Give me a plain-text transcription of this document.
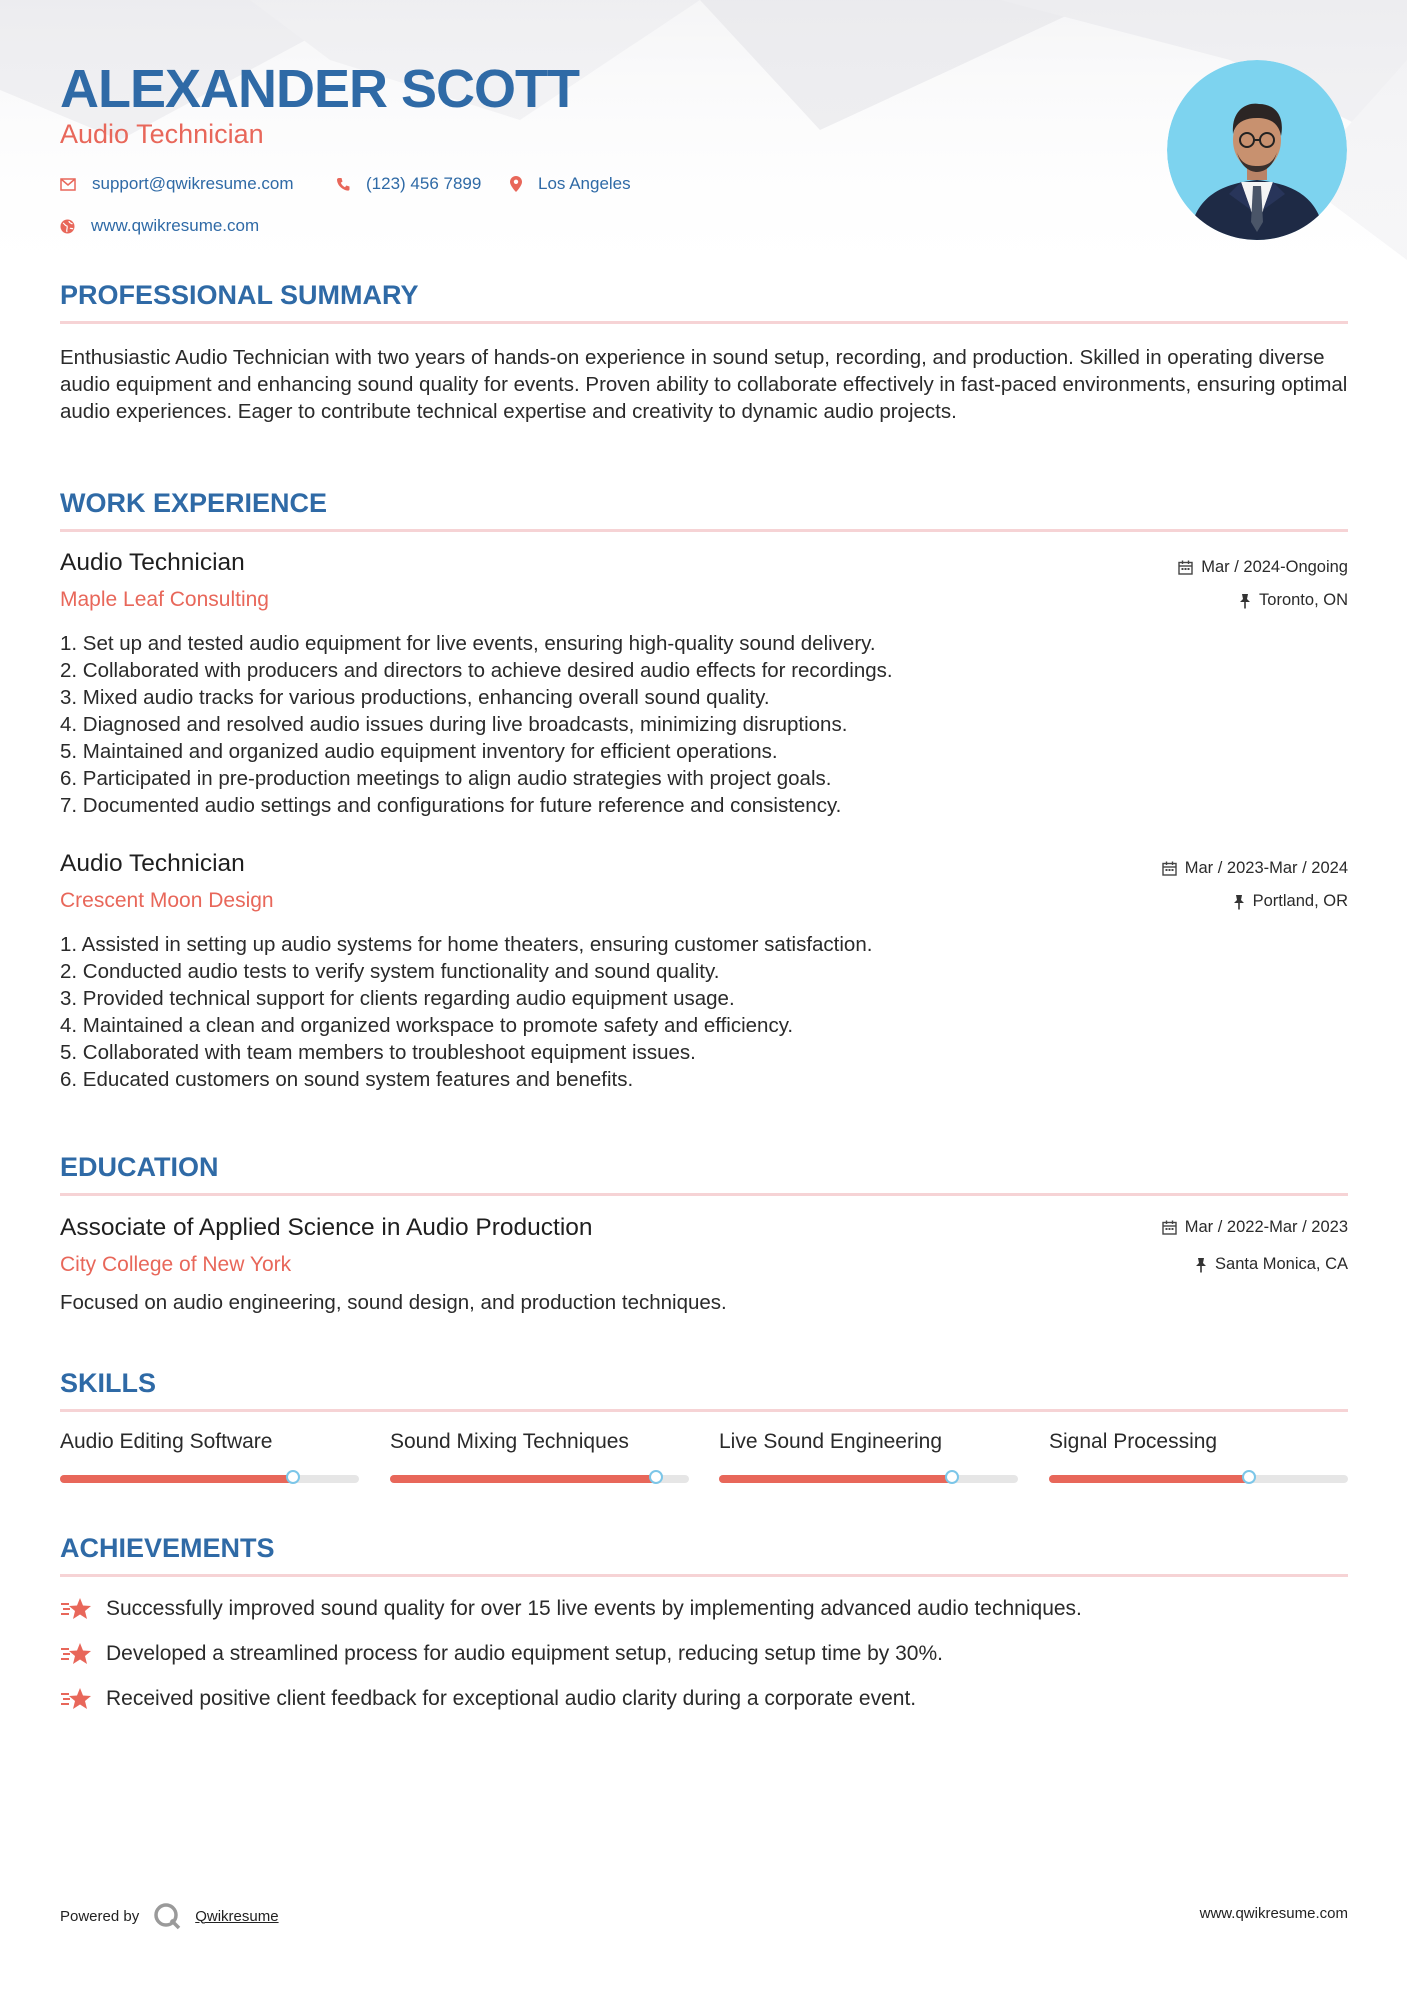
ALEXANDER SCOTT
Audio Technician
support@qwikresume.com	(123) 456 7899	Los Angeles
www.qwikresume.com
PROFESSIONAL SUMMARY

Enthusiastic Audio Technician with two years of hands-on experience in sound setup, recording, and production. Skilled in operating diverse audio equipment and enhancing sound quality for events. Proven ability to collaborate effectively in fast-paced environments, ensuring optimal audio experiences. Eager to contribute technical expertise and creativity to dynamic audio projects.

WORK EXPERIENCE
Audio Technician
Maple Leaf Consulting
Mar / 2024-Ongoing
Toronto, ON
1. Set up and tested audio equipment for live events, ensuring high-quality sound delivery.
2. Collaborated with producers and directors to achieve desired audio effects for recordings.
3. Mixed audio tracks for various productions, enhancing overall sound quality.
4. Diagnosed and resolved audio issues during live broadcasts, minimizing disruptions.
5. Maintained and organized audio equipment inventory for efficient operations.
6. Participated in pre-production meetings to align audio strategies with project goals.
7. Documented audio settings and configurations for future reference and consistency.
Audio Technician
Crescent Moon Design
Mar / 2023-Mar / 2024
Portland, OR
1. Assisted in setting up audio systems for home theaters, ensuring customer satisfaction.
2. Conducted audio tests to verify system functionality and sound quality.
3. Provided technical support for clients regarding audio equipment usage.
4. Maintained a clean and organized workspace to promote safety and efficiency.
5. Collaborated with team members to troubleshoot equipment issues.
6. Educated customers on sound system features and benefits.
EDUCATION
Associate of Applied Science in Audio Production
City College of New York
Mar / 2022-Mar / 2023
Santa Monica, CA

Focused on audio engineering, sound design, and production techniques.

SKILLS
Audio Editing Software	Sound Mixing Techniques	Live Sound Engineering	Signal Processing
ACHIEVEMENTS
Successfully improved sound quality for over 15 live events by implementing advanced audio techniques.
Developed a streamlined process for audio equipment setup, reducing setup time by 30%.
Received positive client feedback for exceptional audio clarity during a corporate event.
Powered by	Qwikresume	www.qwikresume.com
